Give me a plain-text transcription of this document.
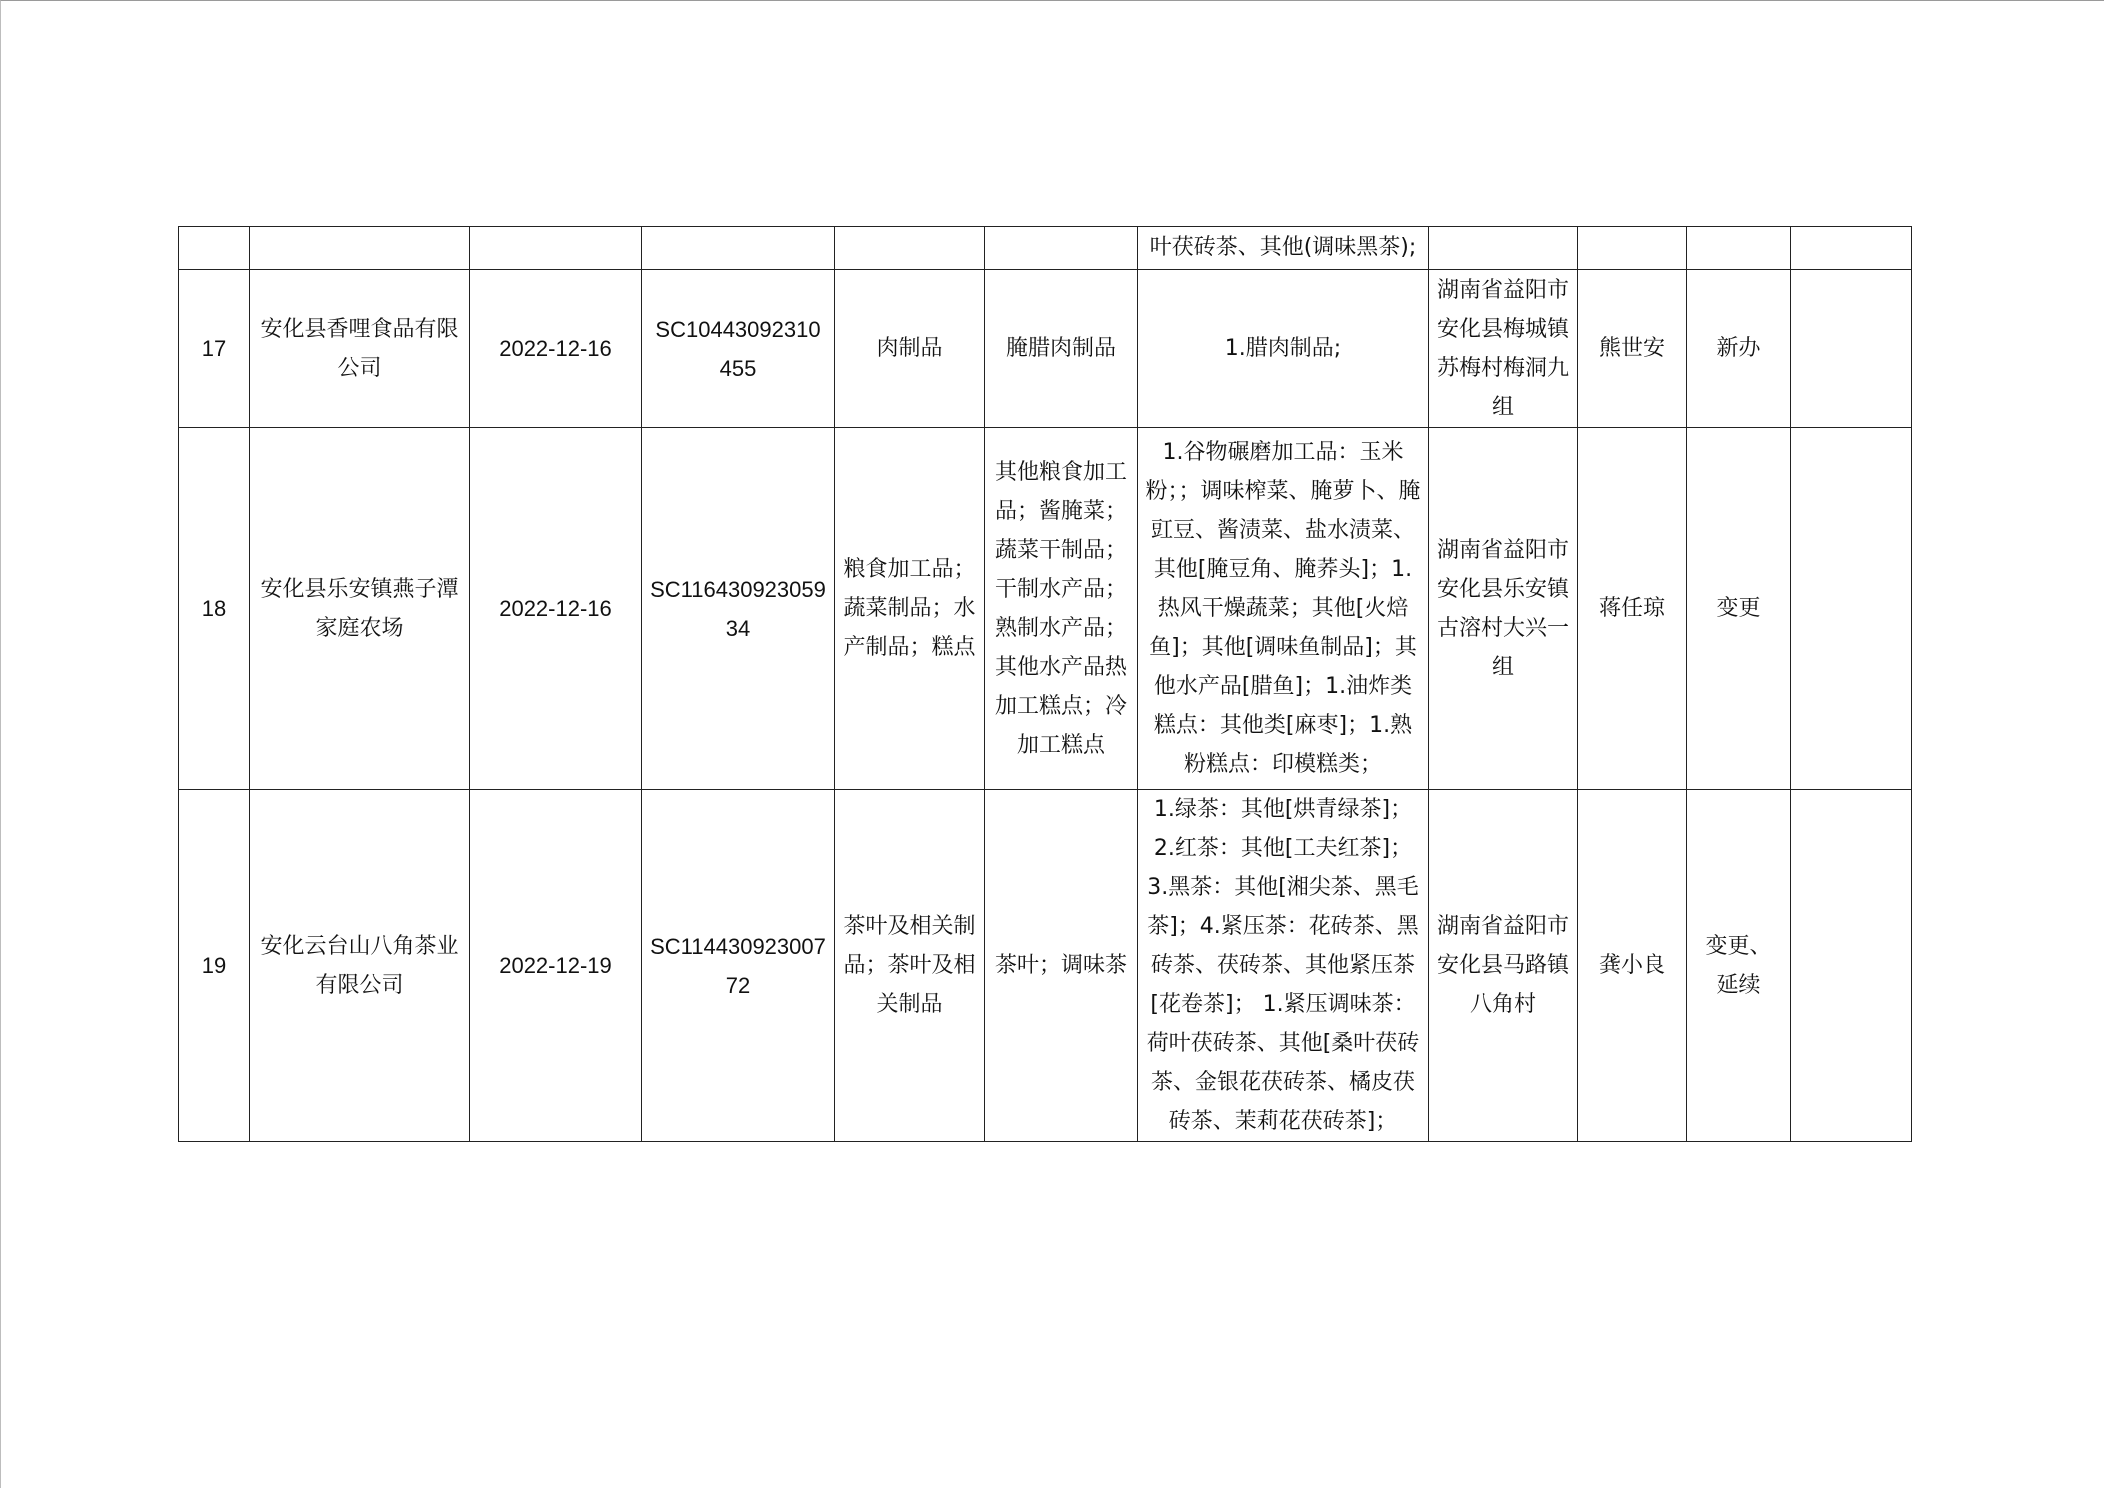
						叶茯砖茶、其他(调味黑茶);				
17	安化县香哩食品有限公司	2022-12-16	SC10443092310455	肉制品	腌腊肉制品	1.腊肉制品;	湖南省益阳市安化县梅城镇苏梅村梅洞九组	熊世安	新办	
18	安化县乐安镇燕子潭家庭农场	2022-12-16	SC11643092305934	粮食加工品；蔬菜制品；水产制品；糕点	其他粮食加工品；酱腌菜；蔬菜干制品；干制水产品；熟制水产品；其他水产品热加工糕点；冷加工糕点	1.谷物碾磨加工品：玉米粉；；调味榨菜、腌萝卜、腌豇豆、酱渍菜、盐水渍菜、其他[腌豆角、腌荞头]；1.热风干燥蔬菜；其他[火焙鱼]；其他[调味鱼制品]；其他水产品[腊鱼]；1.油炸类糕点：其他类[麻枣]；1.熟粉糕点：印模糕类；	湖南省益阳市安化县乐安镇古溶村大兴一组	蒋任琼	变更	
19	安化云台山八角茶业有限公司	2022-12-19	SC11443092300772	茶叶及相关制品；茶叶及相关制品	茶叶；调味茶	1.绿茶：其他[烘青绿茶]；2.红茶：其他[工夫红茶]；3.黑茶：其他[湘尖茶、黑毛茶]；4.紧压茶：花砖茶、黑砖茶、茯砖茶、其他紧压茶[花卷茶]； 1.紧压调味茶：荷叶茯砖茶、其他[桑叶茯砖茶、金银花茯砖茶、橘皮茯砖茶、茉莉花茯砖茶]；	湖南省益阳市安化县马路镇八角村	龚小良	变更、延续	
